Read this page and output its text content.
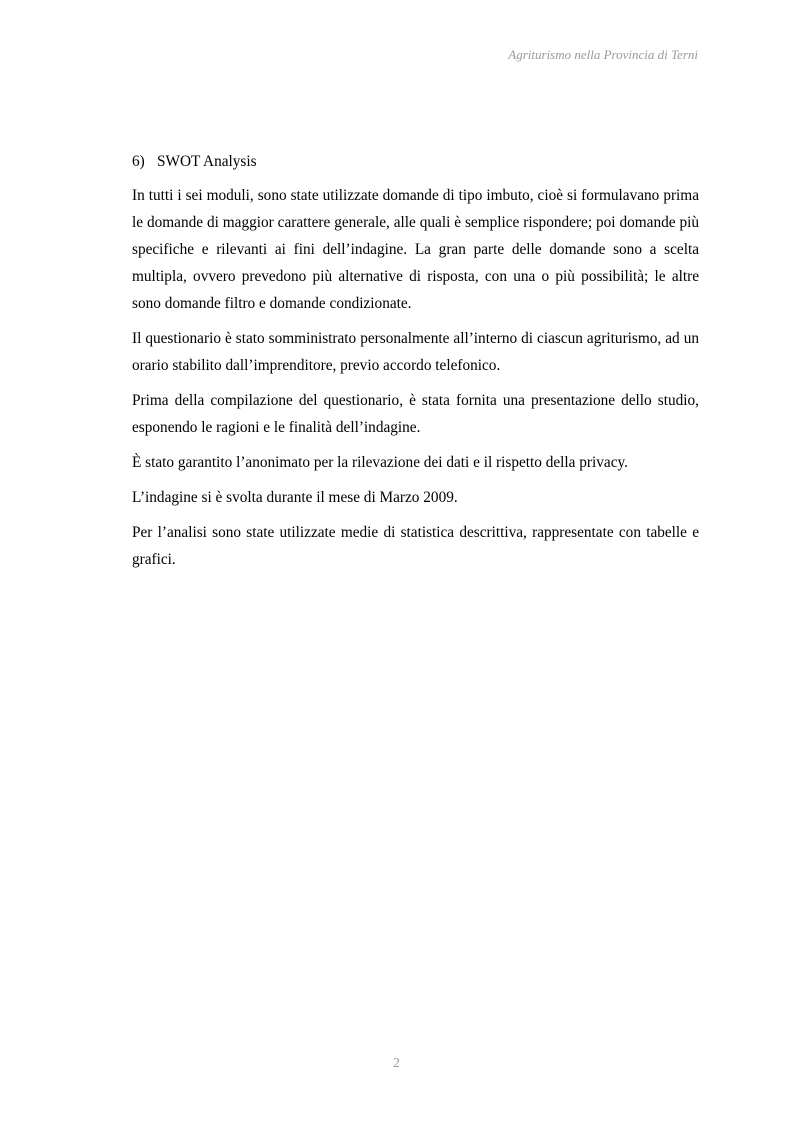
Agriturismo nella Provincia di Terni
6) SWOT Analysis

In tutti i sei moduli, sono state utilizzate domande di tipo imbuto, cioè si formulavano prima le domande di maggior carattere generale, alle quali è semplice rispondere; poi domande più specifiche e rilevanti ai fini dell’indagine. La gran parte delle domande sono a scelta multipla, ovvero prevedono più alternative di risposta, con una o più possibilità; le altre sono domande filtro e domande condizionate.

Il questionario è stato somministrato personalmente all’interno di ciascun agriturismo, ad un orario stabilito dall’imprenditore, previo accordo telefonico.

Prima della compilazione del questionario, è stata fornita una presentazione dello studio, esponendo le ragioni e le finalità dell’indagine.

È stato garantito l’anonimato per la rilevazione dei dati e il rispetto della privacy.

L’indagine si è svolta durante il mese di Marzo 2009.

Per l’analisi sono state utilizzate medie di statistica descrittiva, rappresentate con tabelle e grafici.

2
